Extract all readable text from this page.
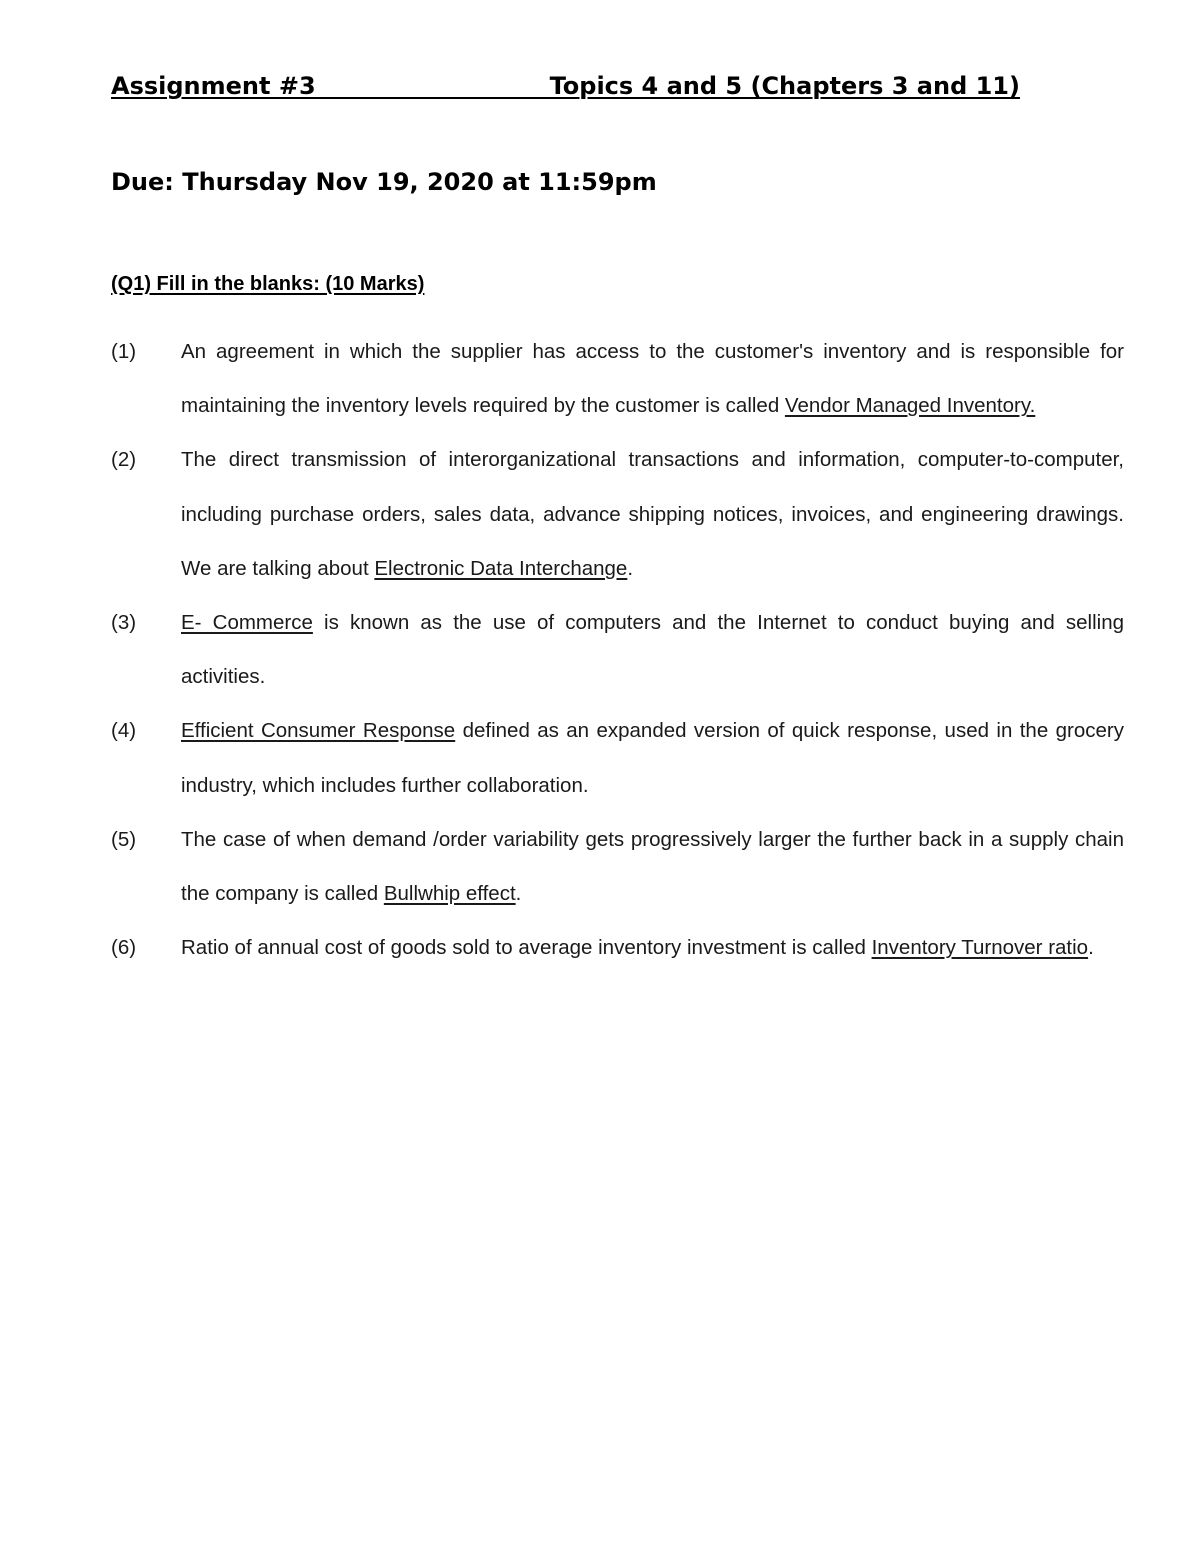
Assignment #3                            Topics 4 and 5 (Chapters 3 and 11)
Due: Thursday Nov 19, 2020 at 11:59pm
(Q1) Fill in the blanks: (10 Marks)
(1) An agreement in which the supplier has access to the customer's inventory and is responsible for maintaining the inventory levels required by the customer is called Vendor Managed Inventory.
(2) The direct transmission of interorganizational transactions and information, computer-to-computer, including purchase orders, sales data, advance shipping notices, invoices, and engineering drawings. We are talking about Electronic Data Interchange.
(3) E- Commerce is known as the use of computers and the Internet to conduct buying and selling activities.
(4) Efficient Consumer Response defined as an expanded version of quick response, used in the grocery industry, which includes further collaboration.
(5) The case of when demand /order variability gets progressively larger the further back in a supply chain the company is called Bullwhip effect.
(6) Ratio of annual cost of goods sold to average inventory investment is called Inventory Turnover ratio.
